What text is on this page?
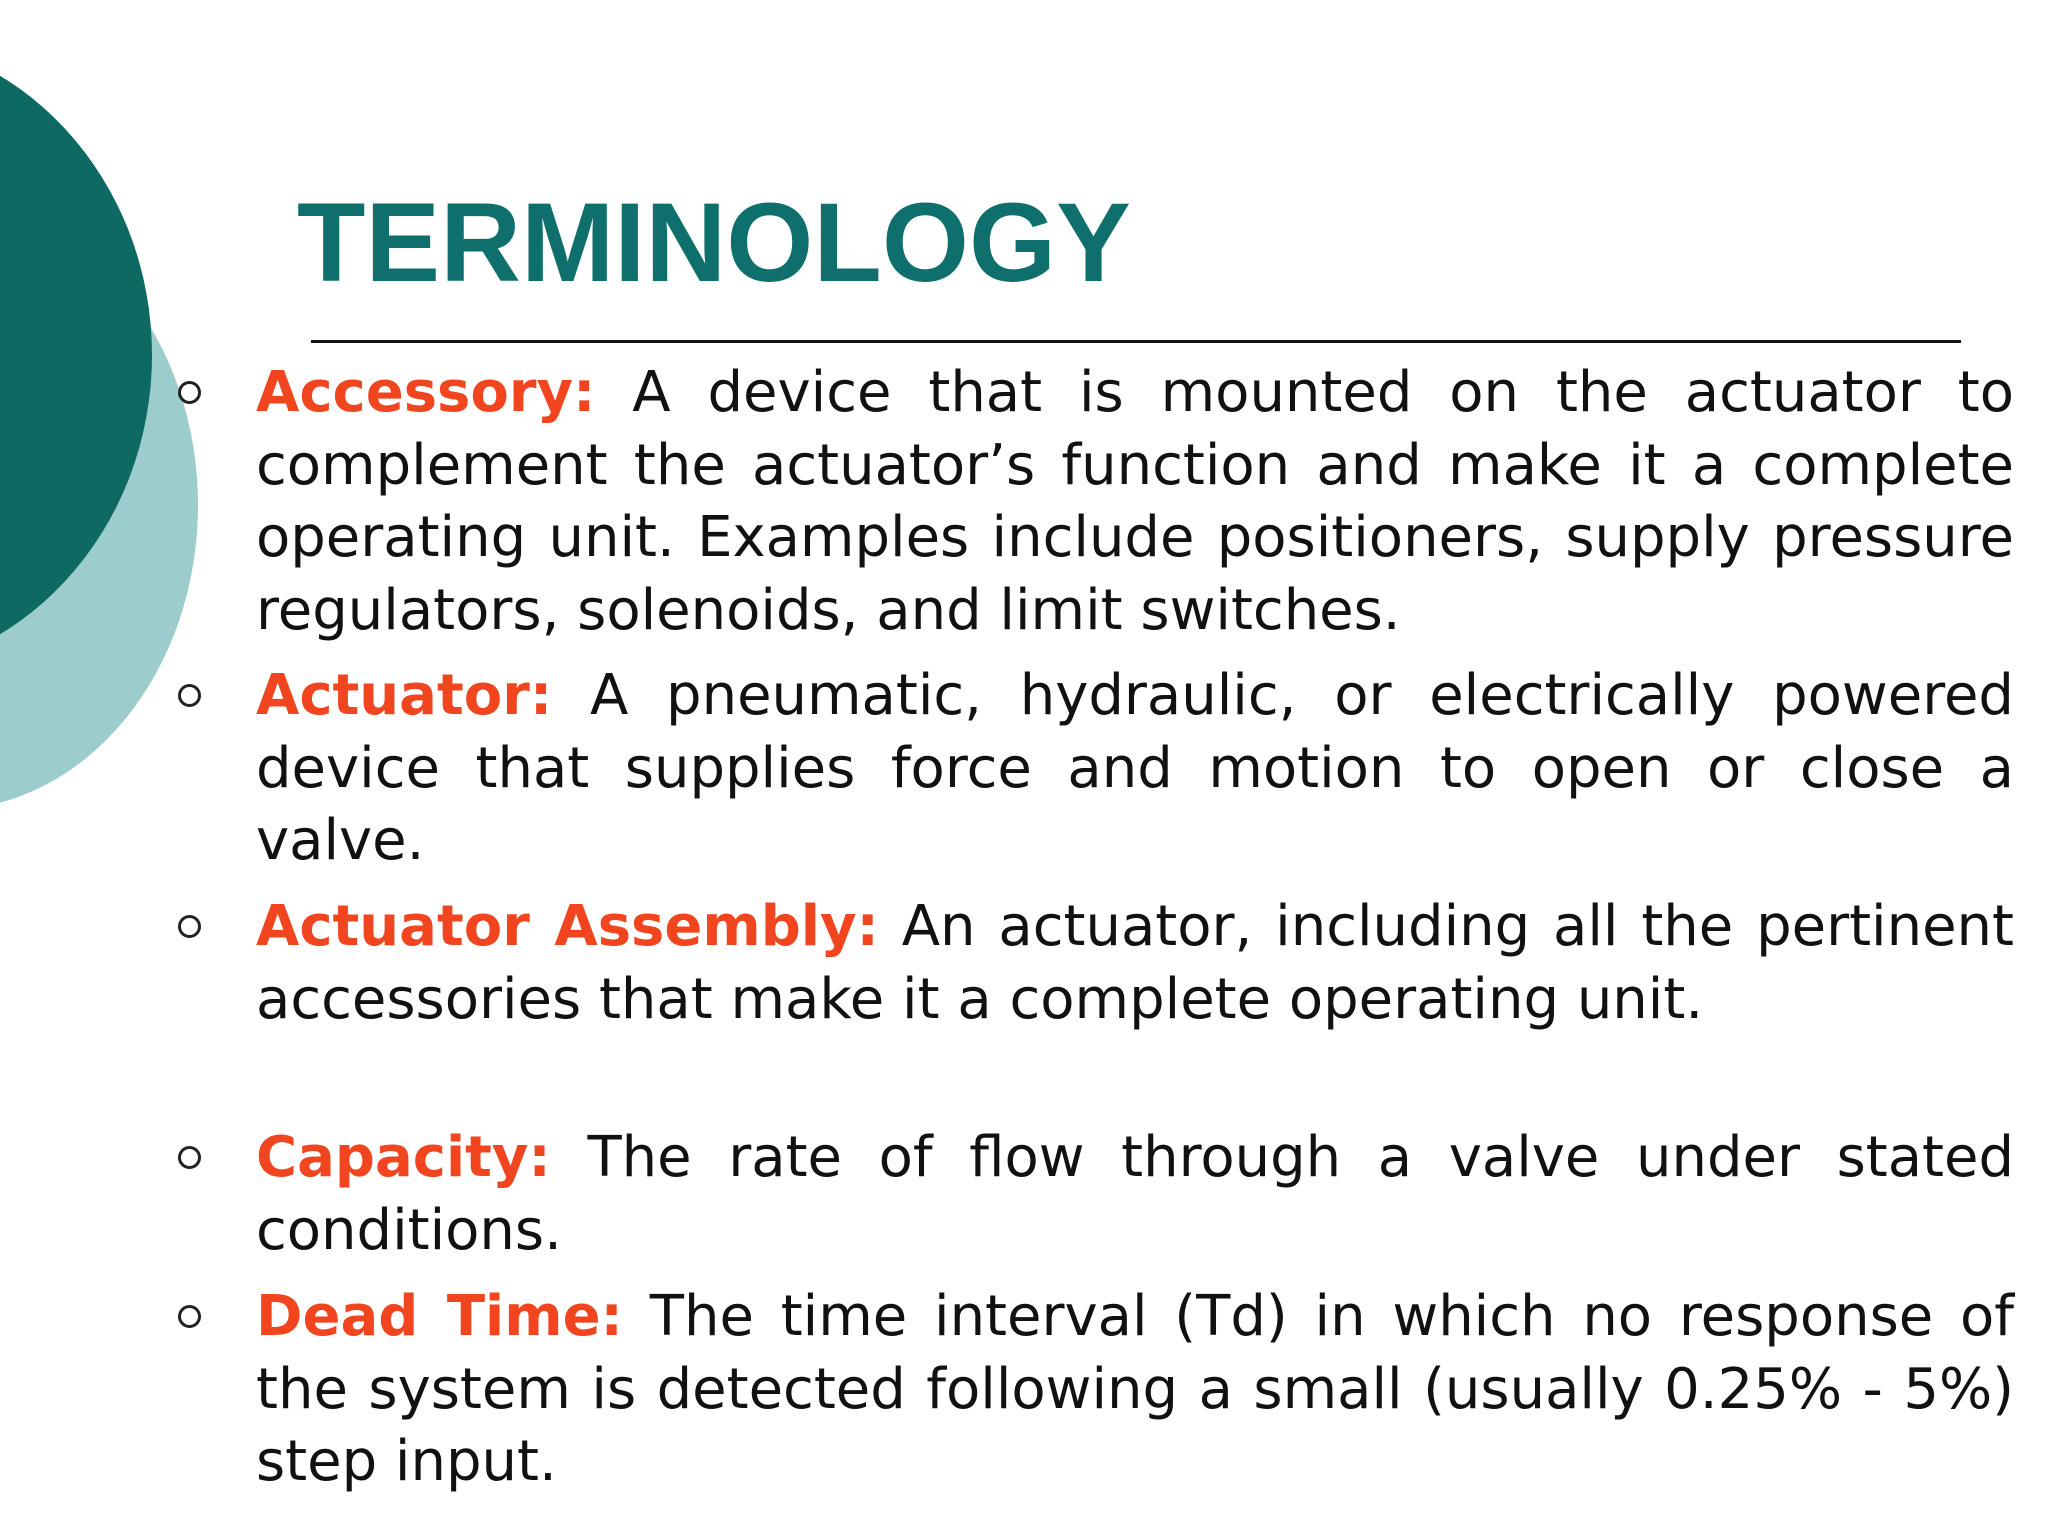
TERMINOLOGY
Accessory: A device that is mounted on the actuator to complement the actuator’s function and make it a complete operating unit. Examples include positioners, supply pressure regulators, solenoids, and limit switches.
Actuator: A pneumatic, hydraulic, or electrically powered device that supplies force and motion to open or close a valve.
Actuator Assembly: An actuator, including all the pertinent accessories that make it a complete operating unit.
Capacity: The rate of flow through a valve under stated conditions.
Dead Time: The time interval (Td) in which no response of the system is detected following a small (usually 0.25% - 5%) step input.
